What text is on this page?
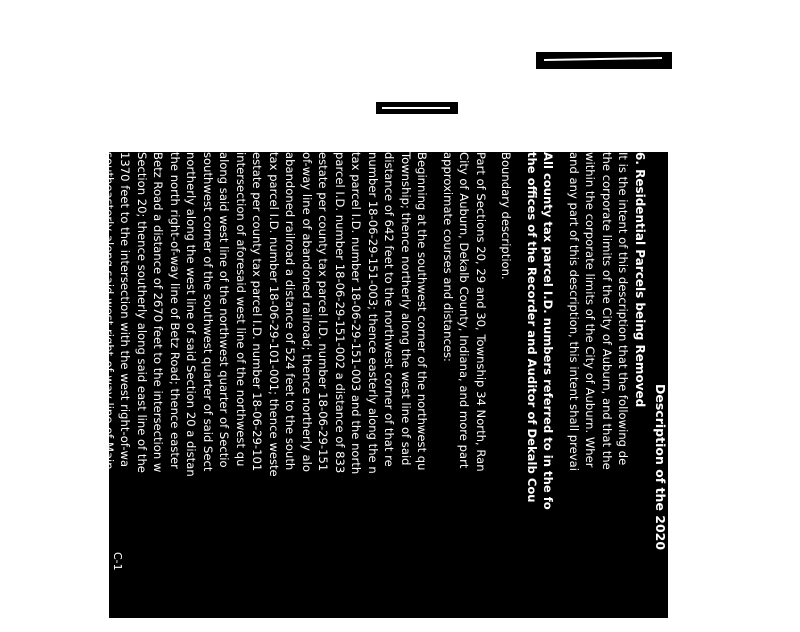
Description of the 2020
6. Residential Parcels being Removed
It is the intent of this description that the following de
the corporate limits of the City of Auburn, and that the
within the corporate limits of the City of Auburn. Wher
and any part of this description, this intent shall prevai
All county tax parcel I.D. numbers referred to in the fo
the offices of the Recorder and Auditor of Dekalb Cou
Boundary description.
Part of Sections 20, 29 and 30, Township 34 North, Ran
City of Auburn, Dekalb County, Indiana, and more part
approximate courses and distances:
Beginning at the southwest corner of the northwest qu
Township; thence northerly along the west line of said
distance of 642 feet to the northwest corner of that re
number 18-06-29-151-003; thence easterly along the n
tax parcel I.D. number 18-06-29-151-003 and the north
parcel I.D. number 18-06-29-151-002 a distance of 833
estate per county tax parcel I.D. number 18-06-29-151
of-way line of abandoned railroad; thence northerly alo
abandoned railroad a distance of 524 feet to the south
tax parcel I.D. number 18-06-29-101-001; thence weste
estate per county tax parcel I.D. number 18-06-29-101
intersection of aforesaid west line of the northwest qu
along said west line of the northwest quarter of Sectio
southwest corner of the southwest quarter of said Sect
northerly along the west line of said Section 20 a distan
the north right-of-way line of Betz Road; thence easter
Betz Road a distance of 2670 feet to the intersection w
Section 20; thence southerly along said east line of the
1370 feet to the intersection with the west right-of-wa
southeasterly along said west right-of-way line of Main
intersection with the northerly line of that real estate p
29-126-018; thence westerly along said northerly line o
I.D. number 18-06-29-126-018 and the northerly line o
I.D. number 18-06-29-126-016 a distance of 514 feet to
C-1
